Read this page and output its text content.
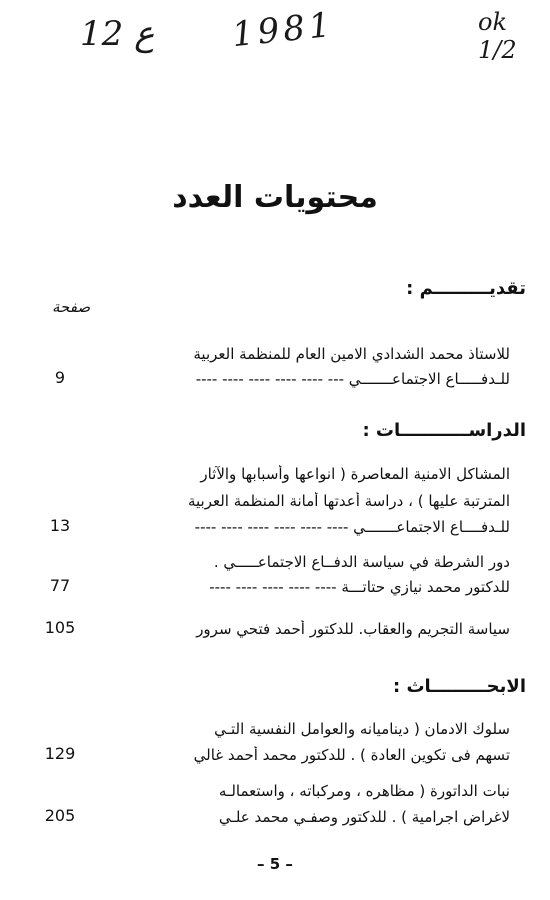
12 ع 1981	ok 1/2
محتويات العدد
تقديـــــــــم :
صفحة
للاستاذ محمد الشدادي الامين العام للمنظمة العربية
للـدفـــــاع الاجتماعـــــــي --- ---- ---- ---- ---- ----
9
الدراســـــــــــات :
المشاكل الامنية المعاصرة ( انواعها وأسبابها والآثار
المترتبة عليها ) ، دراسة أعدتها أمانة المنظمة العربية
للـدفــــاع الاجتماعـــــــي ---- ---- ---- ---- ---- ----
13
دور الشرطة في سياسة الدفــاع الاجتماعـــــي .
للدكتور محمد نيازي حتاتـــة ---- ---- ---- ---- ----
77
سياسة التجريم والعقاب. للدكتور أحمد فتحي سرور
105
الابحـــــــــاث :
سلوك الادمان ( ديناميانه والعوامل النفسية التـي
تسهم فى تكوين العادة ) . للدكتور محمد أحمد غالي
129
نبات الداتورة ( مظاهره ، ومركباته ، واستعمالـه
لاغراض اجرامية ) . للدكتور وصفـي محمد علـي
205
– 5 –
